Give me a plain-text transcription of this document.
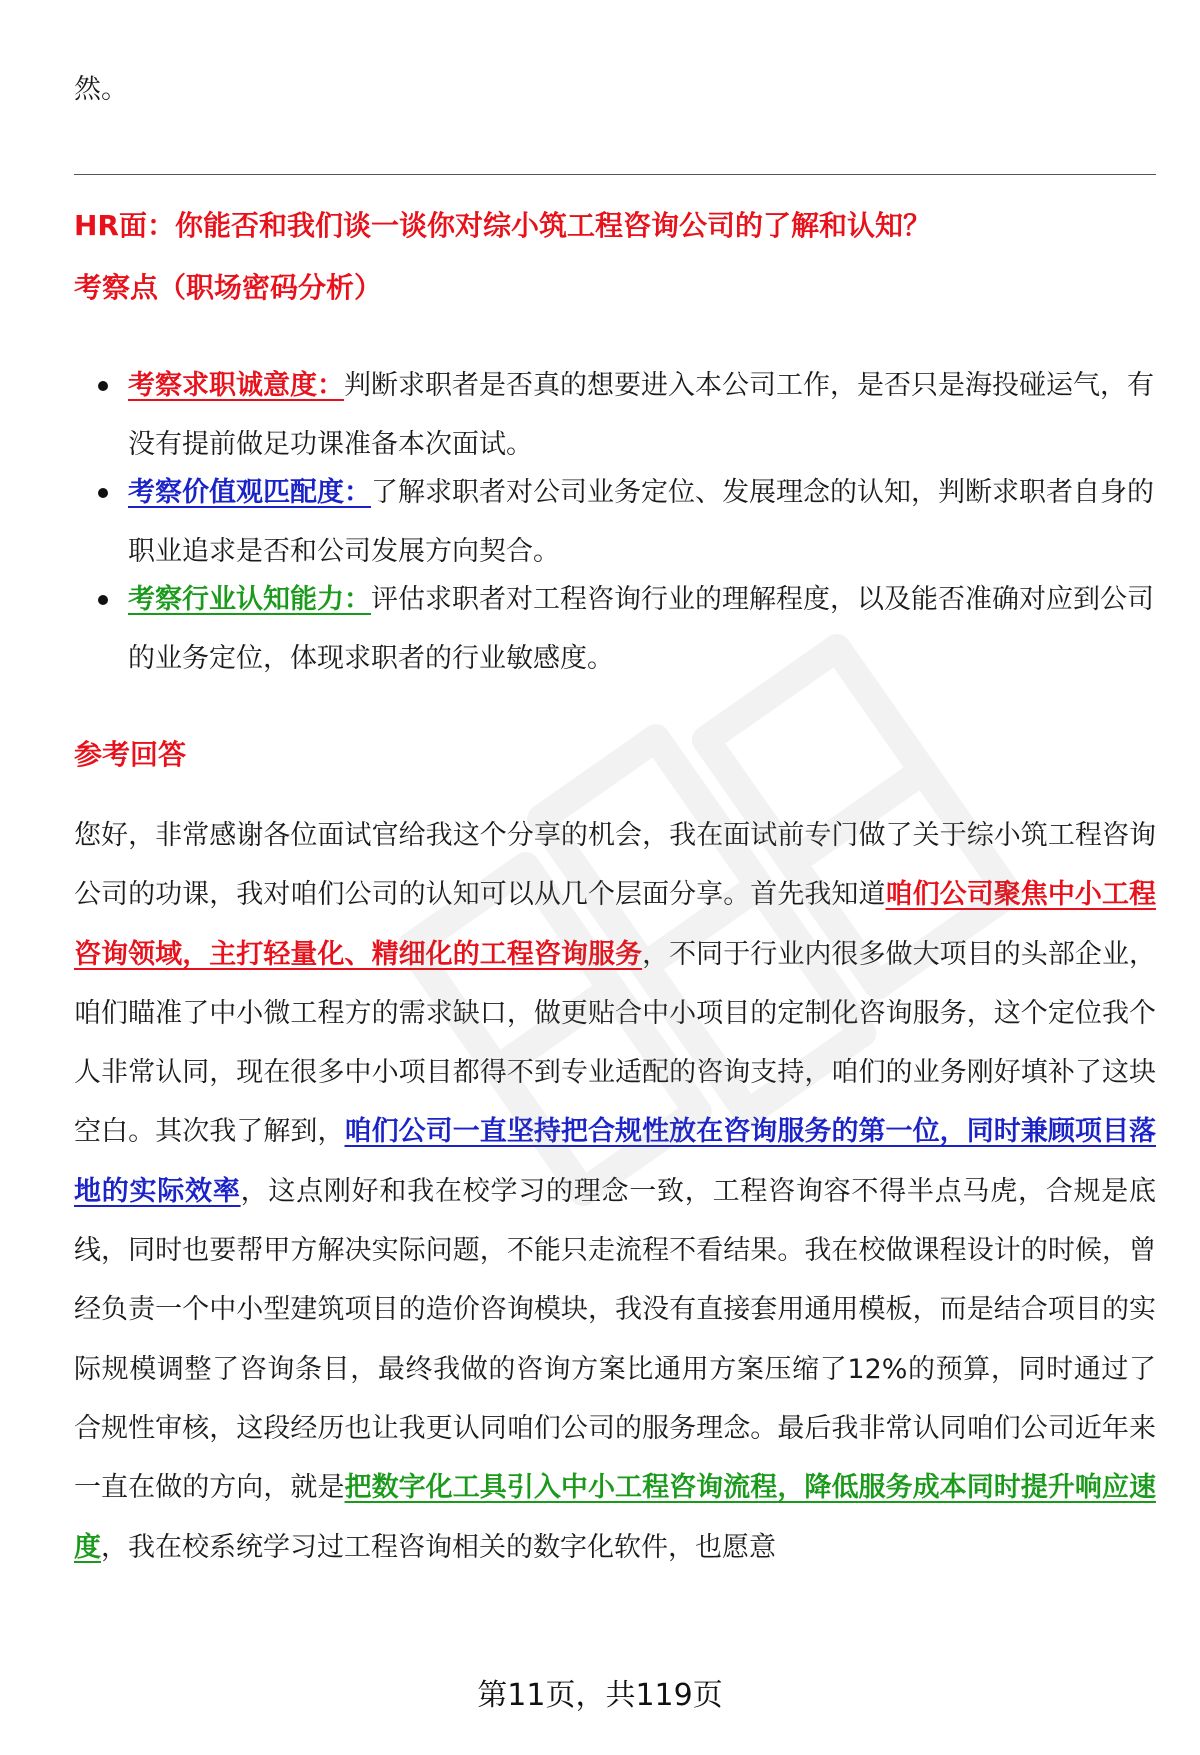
然。
HR面：你能否和我们谈一谈你对综小筑工程咨询公司的了解和认知？
考察点（职场密码分析）
考察求职诚意度：判断求职者是否真的想要进入本公司工作，是否只是海投碰运气，有没有提前做足功课准备本次面试。
考察价值观匹配度：了解求职者对公司业务定位、发展理念的认知，判断求职者自身的职业追求是否和公司发展方向契合。
考察行业认知能力：评估求职者对工程咨询行业的理解程度，以及能否准确对应到公司的业务定位，体现求职者的行业敏感度。
参考回答

您好，非常感谢各位面试官给我这个分享的机会，我在面试前专门做了关于综小筑工程咨询公司的功课，我对咱们公司的认知可以从几个层面分享。首先我知道咱们公司聚焦中小工程咨询领域，主打轻量化、精细化的工程咨询服务，不同于行业内很多做大项目的头部企业，咱们瞄准了中小微工程方的需求缺口，做更贴合中小项目的定制化咨询服务，这个定位我个人非常认同，现在很多中小项目都得不到专业适配的咨询支持，咱们的业务刚好填补了这块空白。其次我了解到，咱们公司一直坚持把合规性放在咨询服务的第一位，同时兼顾项目落地的实际效率，这点刚好和我在校学习的理念一致，工程咨询容不得半点马虎，合规是底线，同时也要帮甲方解决实际问题，不能只走流程不看结果。我在校做课程设计的时候，曾经负责一个中小型建筑项目的造价咨询模块，我没有直接套用通用模板，而是结合项目的实际规模调整了咨询条目，最终我做的咨询方案比通用方案压缩了12%的预算，同时通过了合规性审核，这段经历也让我更认同咱们公司的服务理念。最后我非常认同咱们公司近年来一直在做的方向，就是把数字化工具引入中小工程咨询流程，降低服务成本同时提升响应速度，我在校系统学习过工程咨询相关的数字化软件，也愿意

第11页，共119页
